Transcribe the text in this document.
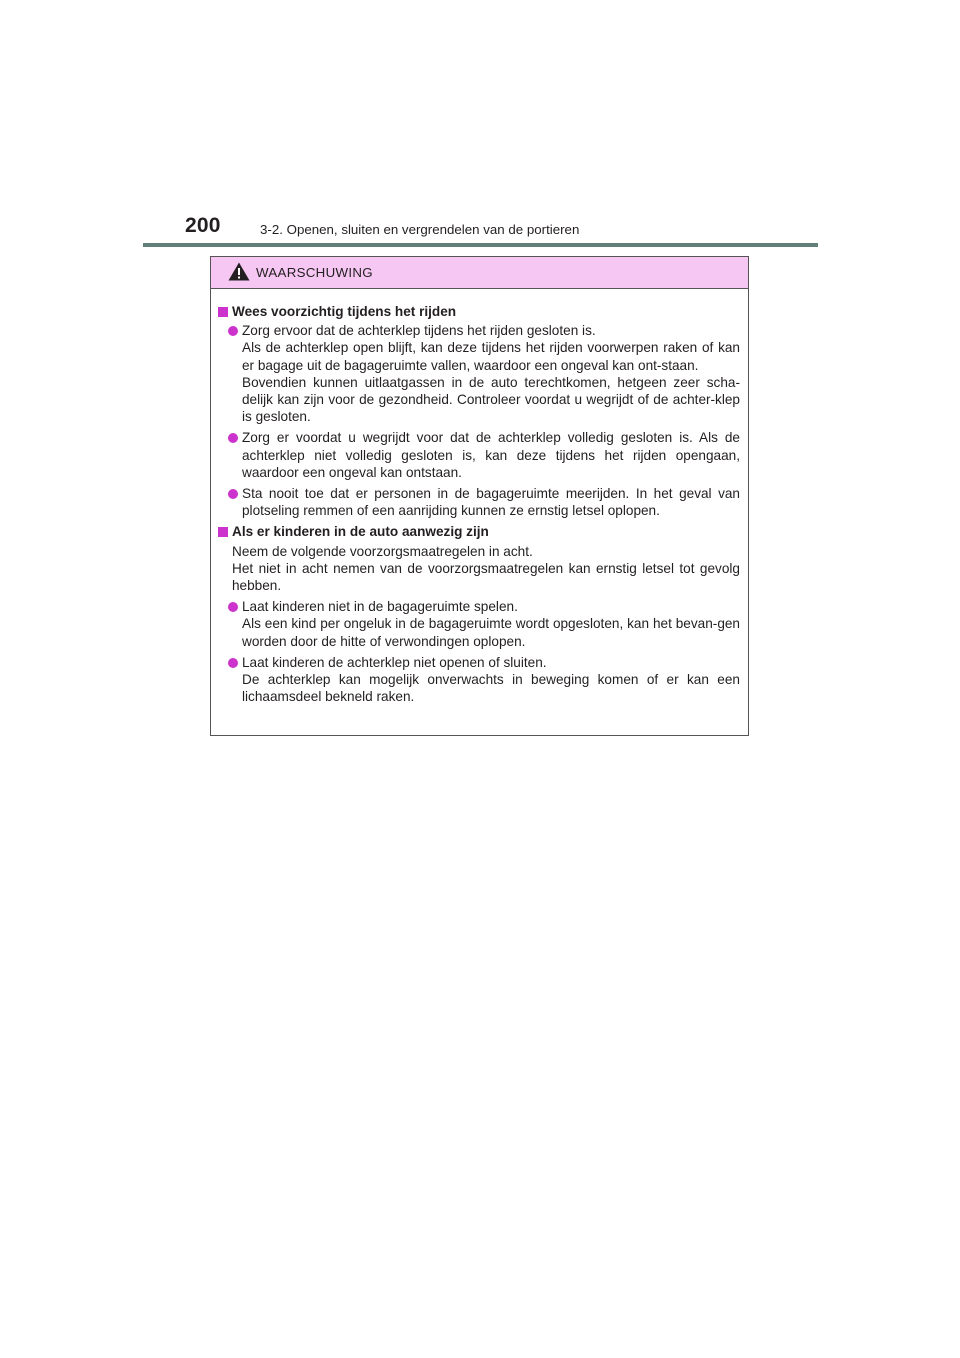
200	3-2. Openen, sluiten en vergrendelen van de portieren
WAARSCHUWING
Wees voorzichtig tijdens het rijden
Zorg ervoor dat de achterklep tijdens het rijden gesloten is.
Als de achterklep open blijft, kan deze tijdens het rijden voorwerpen raken of kan er bagage uit de bagageruimte vallen, waardoor een ongeval kan ont-staan.
Bovendien kunnen uitlaatgassen in de auto terechtkomen, hetgeen zeer scha-delijk kan zijn voor de gezondheid. Controleer voordat u wegrijdt of de achter-klep is gesloten.
Zorg er voordat u wegrijdt voor dat de achterklep volledig gesloten is. Als de achterklep niet volledig gesloten is, kan deze tijdens het rijden opengaan, waardoor een ongeval kan ontstaan.
Sta nooit toe dat er personen in de bagageruimte meerijden. In het geval van plotseling remmen of een aanrijding kunnen ze ernstig letsel oplopen.
Als er kinderen in de auto aanwezig zijn
Neem de volgende voorzorgsmaatregelen in acht.
Het niet in acht nemen van de voorzorgsmaatregelen kan ernstig letsel tot gevolg hebben.
Laat kinderen niet in de bagageruimte spelen.
Als een kind per ongeluk in de bagageruimte wordt opgesloten, kan het bevan-gen worden door de hitte of verwondingen oplopen.
Laat kinderen de achterklep niet openen of sluiten.
De achterklep kan mogelijk onverwachts in beweging komen of er kan een lichaamsdeel bekneld raken.
